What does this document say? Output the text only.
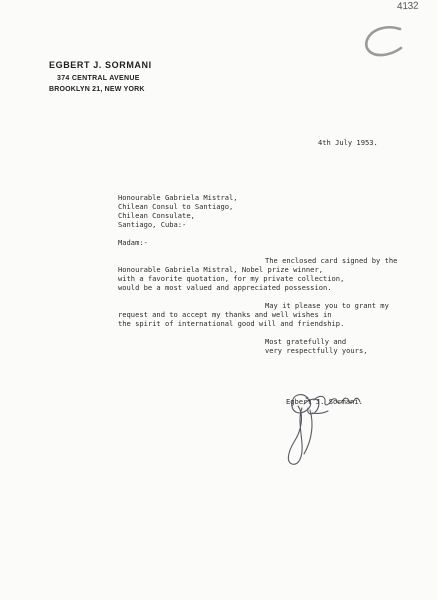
4132
EGBERT J. SORMANI
374 CENTRAL AVENUE
BROOKLYN 21, NEW YORK
4th July 1953.
Honourable Gabriela Mistral,
Chilean Consul to Santiago,
Chilean Consulate,
Santiago, Cuba:-
Madam:-
The enclosed card signed by the
Honourable Gabriela Mistral, Nobel prize winner,
with a favorite quotation, for my private collection,
would be a most valued and appreciated possession.
May it please you to grant my
request and to accept my thanks and well wishes in
the spirit of international good will and friendship.
Most gratefully and
very respectfully yours,
Egbert J. Sormani.
